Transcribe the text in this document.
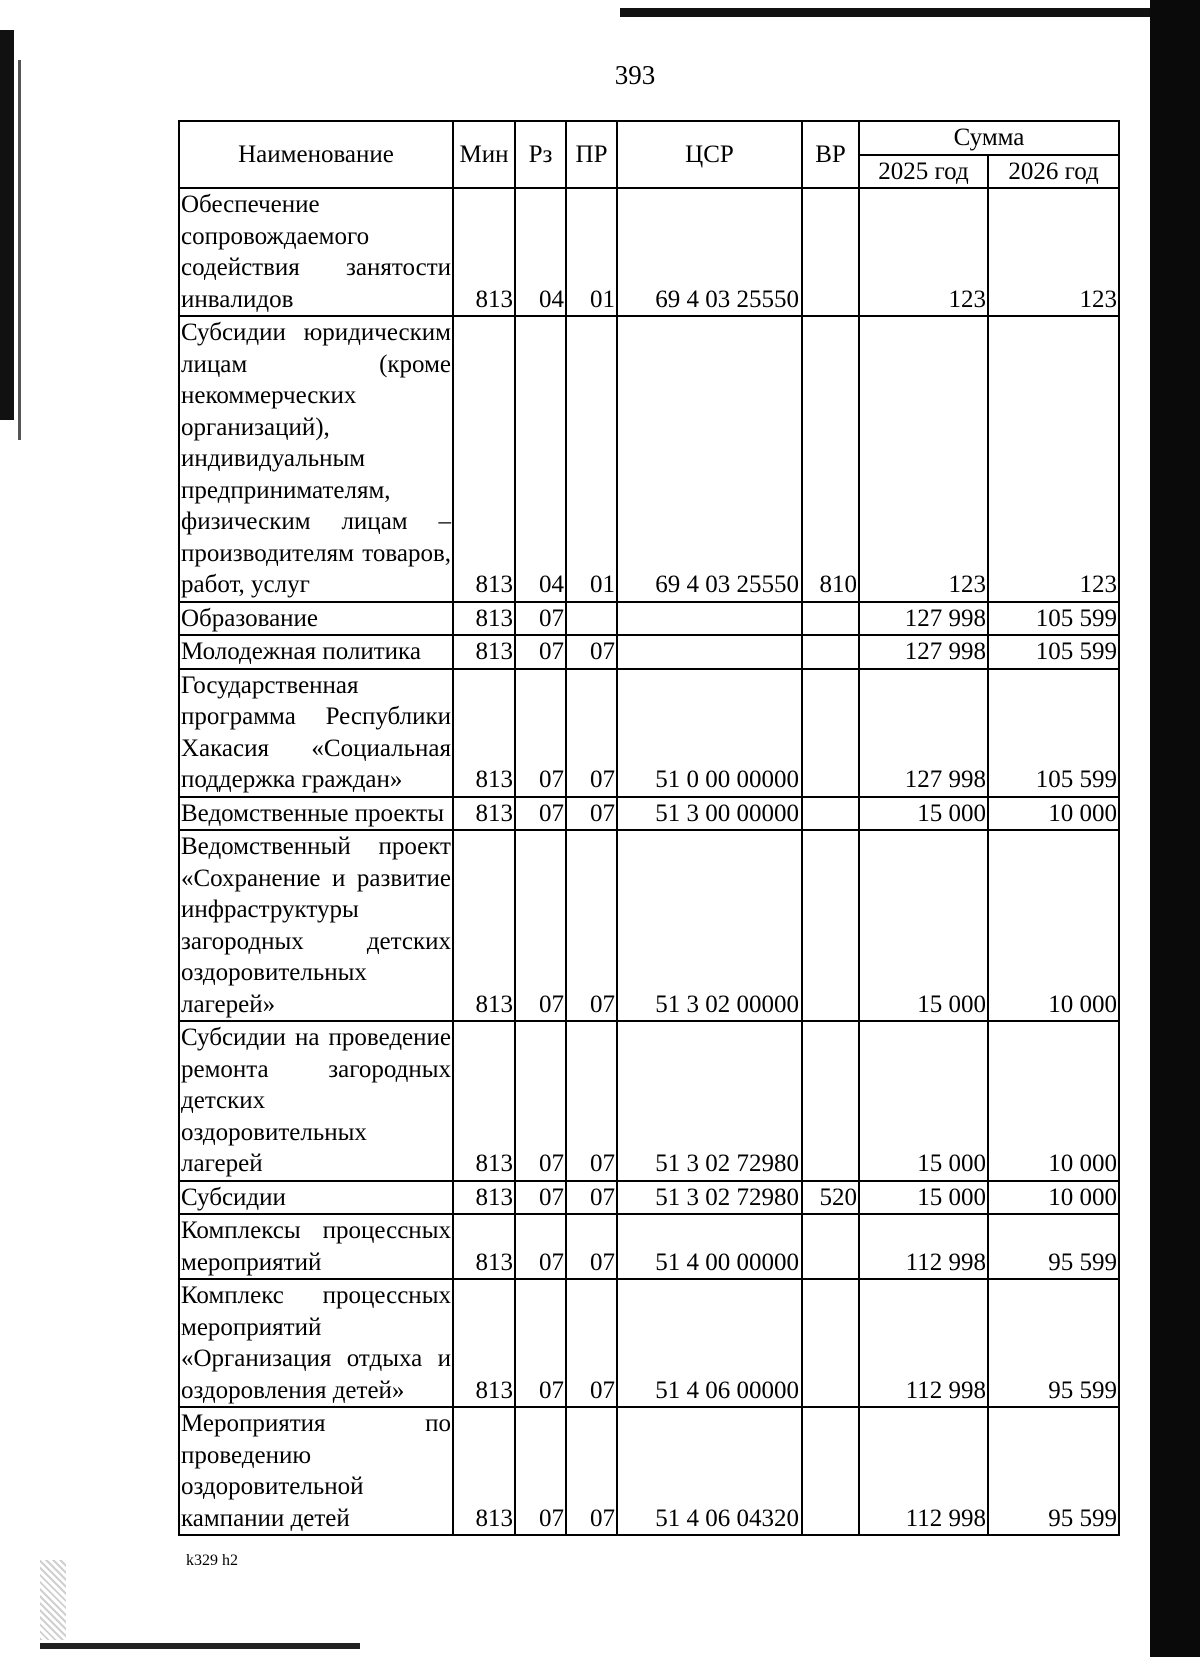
393
Наименование	Мин	Рз	ПР	ЦСР	ВР	Сумма	
						2025 год	2026 год
Обеспечение сопровождаемого содействия занятости инвалидов	813	04	01	69 4 03 25550		123	123
Субсидии юридическим лицам (кроме некоммерческих организаций), индивидуальным предпринимателям, физическим лицам – производителям товаров, работ, услуг	813	04	01	69 4 03 25550	810	123	123
Образование	813	07				127 998	105 599
Молодежная политика	813	07	07			127 998	105 599
Государственная программа Республики Хакасия «Социальная поддержка граждан»	813	07	07	51 0 00 00000		127 998	105 599
Ведомственные проекты	813	07	07	51 3 00 00000		15 000	10 000
Ведомственный проект «Сохранение и развитие инфраструктуры загородных детских оздоровительных лагерей»	813	07	07	51 3 02 00000		15 000	10 000
Субсидии на проведение ремонта загородных детских оздоровительных лагерей	813	07	07	51 3 02 72980		15 000	10 000
Субсидии	813	07	07	51 3 02 72980	520	15 000	10 000
Комплексы процессных мероприятий	813	07	07	51 4 00 00000		112 998	95 599
Комплекс процессных мероприятий «Организация отдыха и оздоровления детей»	813	07	07	51 4 06 00000		112 998	95 599
Мероприятия по проведению оздоровительной кампании детей	813	07	07	51 4 06 04320		112 998	95 599
k329 h2
